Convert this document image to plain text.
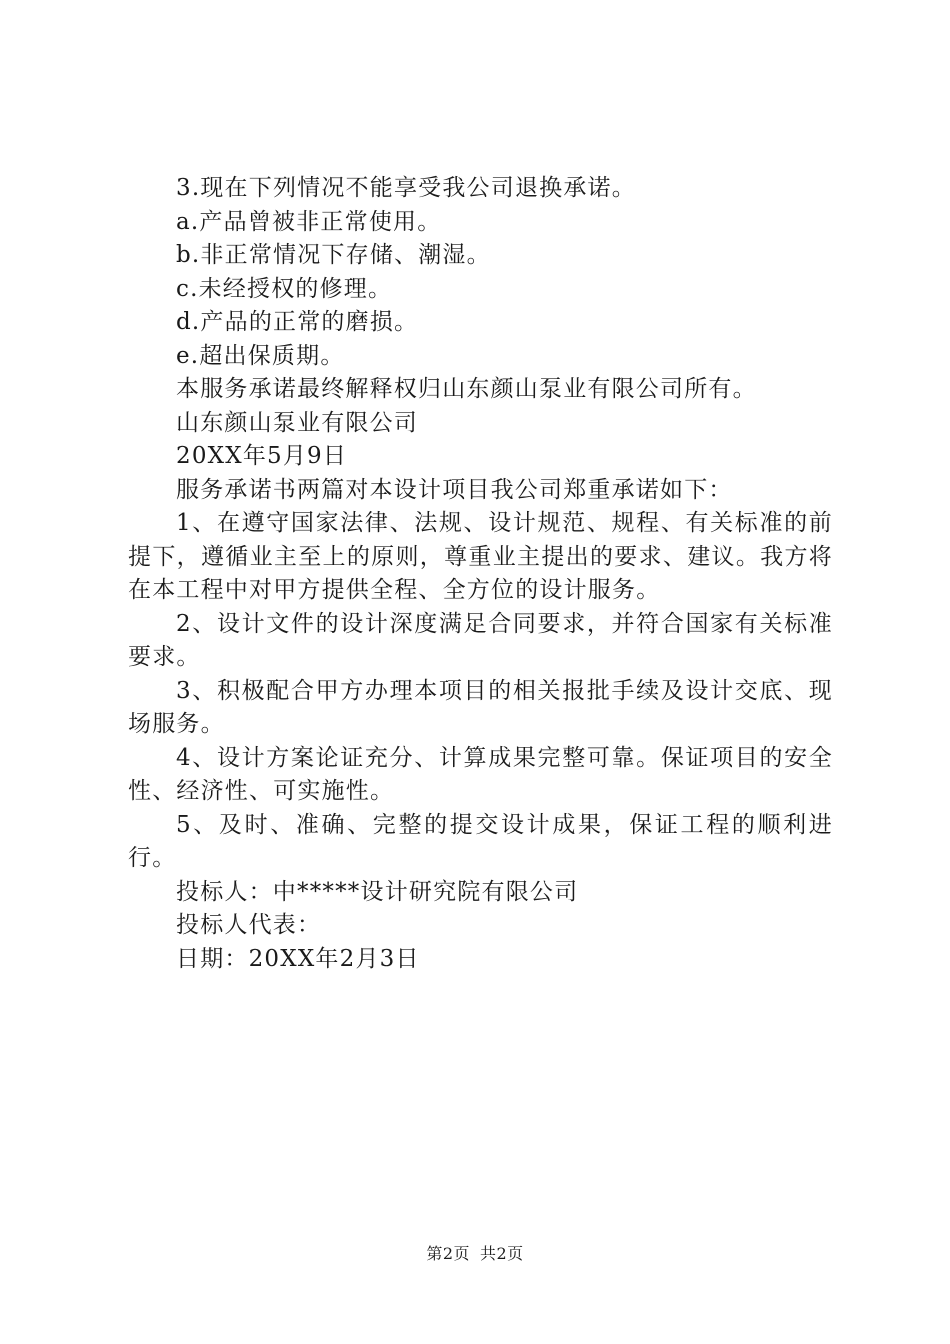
3.现在下列情况不能享受我公司退换承诺。

a.产品曾被非正常使用。

b.非正常情况下存储、潮湿。

c.未经授权的修理。

d.产品的正常的磨损。

e.超出保质期。

本服务承诺最终解释权归山东颜山泵业有限公司所有。

山东颜山泵业有限公司

20XX年5月9日

服务承诺书两篇对本设计项目我公司郑重承诺如下：

1、在遵守国家法律、法规、设计规范、规程、有关标准的前提下，遵循业主至上的原则，尊重业主提出的要求、建议。我方将在本工程中对甲方提供全程、全方位的设计服务。

2、设计文件的设计深度满足合同要求，并符合国家有关标准要求。

3、积极配合甲方办理本项目的相关报批手续及设计交底、现场服务。

4、设计方案论证充分、计算成果完整可靠。保证项目的安全性、经济性、可实施性。

5、及时、准确、完整的提交设计成果，保证工程的顺利进行。

投标人：中*****设计研究院有限公司

投标人代表：

日期：20XX年2月3日

第2页 共2页
